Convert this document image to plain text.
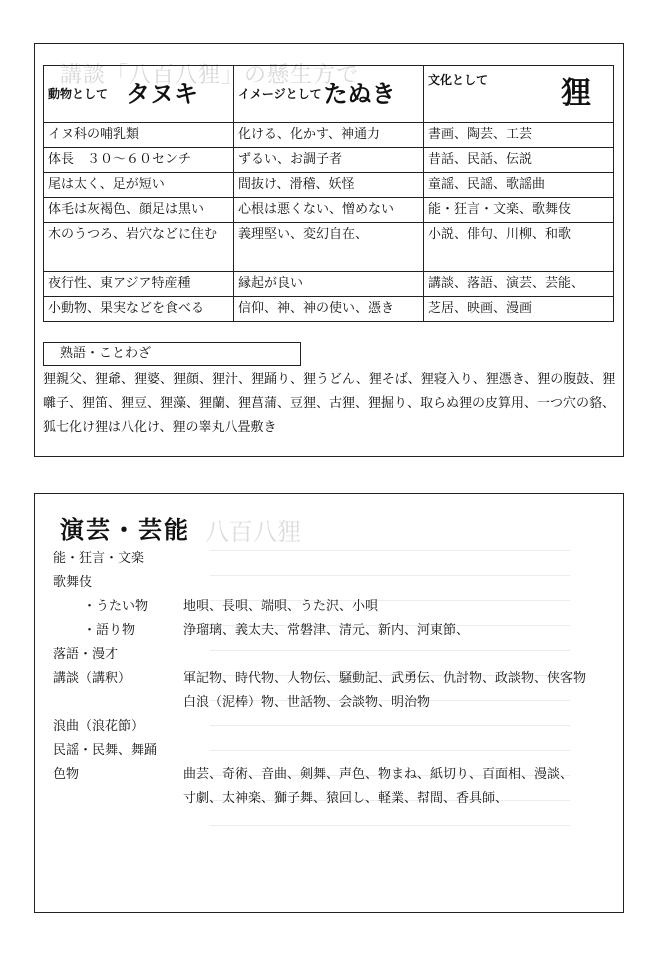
講談「八百八狸」の懸生方で
動物として タヌキ	イメージとしてたぬき	文化として 狸

イヌ科の哺乳類	化ける、化かす、神通力	書画、陶芸、工芸
体長　３０～６０センチ	ずるい、お調子者	昔話、民話、伝説
尾は太く、足が短い	間抜け、滑稽、妖怪	童謡、民謡、歌謡曲
体毛は灰褐色、顔足は黒い	心根は悪くない、憎めない	能・狂言・文楽、歌舞伎
木のうつろ、岩穴などに住む	義理堅い、変幻自在、	小説、俳句、川柳、和歌
夜行性、東アジア特産種	縁起が良い	講談、落語、演芸、芸能、
小動物、果実などを食べる	信仰、神、神の使い、憑き	芝居、映画、漫画
熟語・ことわざ
狸親父、狸爺、狸婆、狸顔、狸汁、狸踊り、狸うどん、狸そば、狸寝入り、狸憑き、狸の腹鼓、狸囃子、狸笛、狸豆、狸藻、狸蘭、狸菖蒲、豆狸、古狸、狸掘り、取らぬ狸の皮算用、一つ穴の貉、狐七化け狸は八化け、狸の睾丸八畳敷き
八百八狸
演芸・芸能
能・狂言・文楽
歌舞伎
・うたい物	地唄、長唄、端唄、うた沢、小唄
・語り物	浄瑠璃、義太夫、常磐津、清元、新内、河東節、
落語・漫才
講談（講釈）	軍記物、時代物、人物伝、騒動記、武勇伝、仇討物、政談物、侠客物
白浪（泥棒）物、世話物、会談物、明治物
浪曲（浪花節）
民謡・民舞、舞踊
色物	曲芸、奇術、音曲、剣舞、声色、物まね、紙切り、百面相、漫談、
寸劇、太神楽、獅子舞、猿回し、軽業、幇間、香具師、
